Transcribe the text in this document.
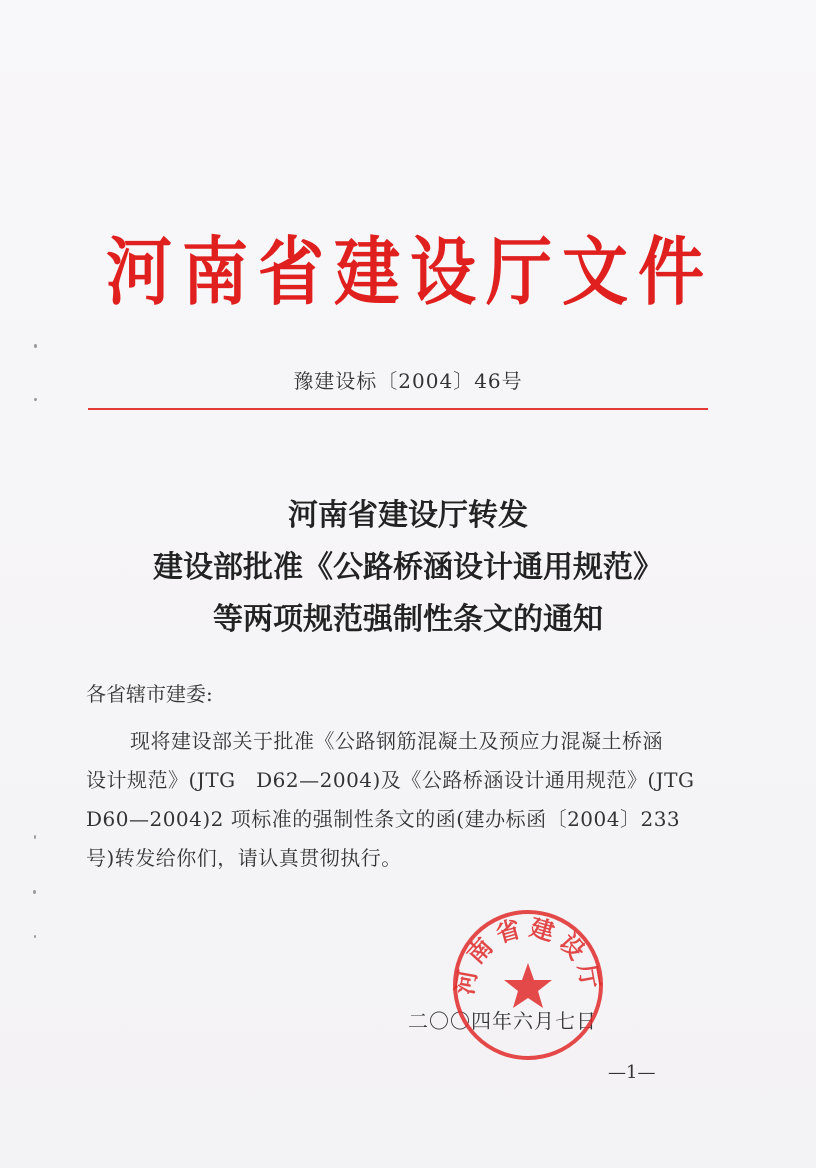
河南省建设厅文件
豫建设标〔2004〕46号
河南省建设厅转发
建设部批准《公路桥涵设计通用规范》
等两项规范强制性条文的通知
各省辖市建委:
现将建设部关于批准《公路钢筋混凝土及预应力混凝土桥涵
设计规范》(JTG　D62—2004)及《公路桥涵设计通用规范》(JTG
D60—2004)2 项标准的强制性条文的函(建办标函〔2004〕233
号)转发给你们，请认真贯彻执行。
二〇〇四年六月七日
河南省建设厅
—1—
